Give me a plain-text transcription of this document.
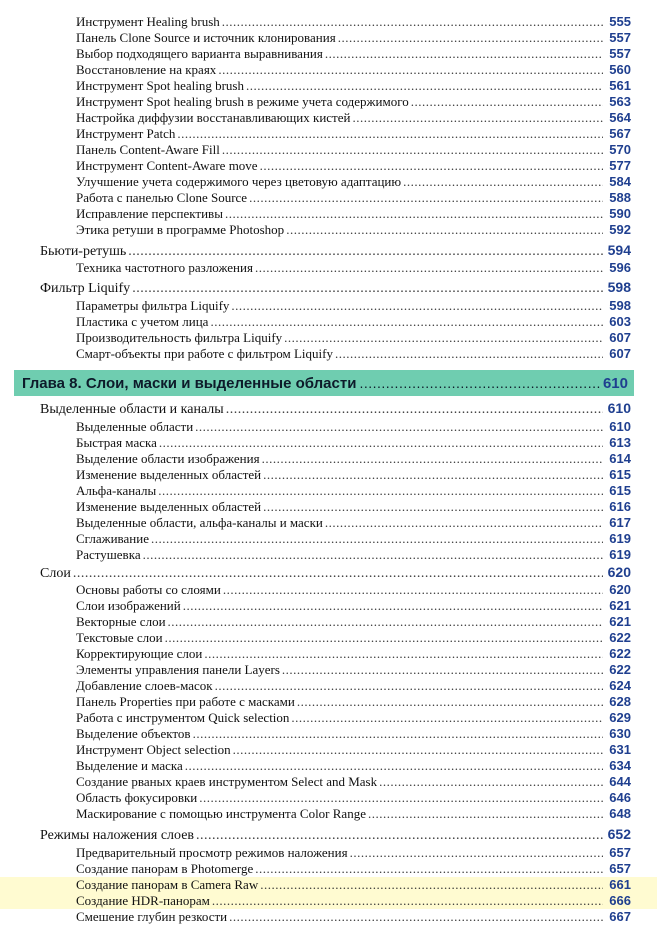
Инструмент Healing brush .....	555
Панель Clone Source и источник клонирования .....	557
Выбор подходящего варианта выравнивания .....	557
Восстановление на краях .....	560
Инструмент Spot healing brush .....	561
Инструмент Spot healing brush в режиме учета содержимого .....	563
Настройка диффузии восстанавливающих кистей .....	564
Инструмент Patch .....	567
Панель Content-Aware Fill .....	570
Инструмент Content-Aware move .....	577
Улучшение учета содержимого через цветовую адаптацию .....	584
Работа с панелью Clone Source .....	588
Исправление перспективы .....	590
Этика ретуши в программе Photoshop .....	592
Бьюти-ретушь .....	594
Техника частотного разложения .....	596
Фильтр Liquify .....	598
Параметры фильтра Liquify .....	598
Пластика с учетом лица .....	603
Производительность фильтра Liquify .....	607
Смарт-объекты при работе с фильтром Liquify .....	607
Глава 8. Слои, маски и выделенные области .....	610
Выделенные области и каналы .....	610
Выделенные области .....	610
Быстрая маска .....	613
Выделение области изображения .....	614
Изменение выделенных областей .....	615
Альфа-каналы .....	615
Изменение выделенных областей .....	616
Выделенные области, альфа-каналы и маски .....	617
Сглаживание .....	619
Растушевка .....	619
Слои .....	620
Основы работы со слоями .....	620
Слои изображений .....	621
Векторные слои .....	621
Текстовые слои .....	622
Корректирующие слои .....	622
Элементы управления панели Layers .....	622
Добавление слоев-масок .....	624
Панель Properties при работе с масками .....	628
Работа с инструментом Quick selection .....	629
Выделение объектов .....	630
Инструмент Object selection .....	631
Выделение и маска .....	634
Создание рваных краев инструментом Select and Mask .....	644
Область фокусировки .....	646
Маскирование с помощью инструмента Color Range .....	648
Режимы наложения слоев .....	652
Предварительный просмотр режимов наложения .....	657
Создание панорам в Photomerge .....	657
Создание панорам в Camera Raw .....	661
Создание HDR-панорам .....	666
Смешение глубин резкости .....	667
